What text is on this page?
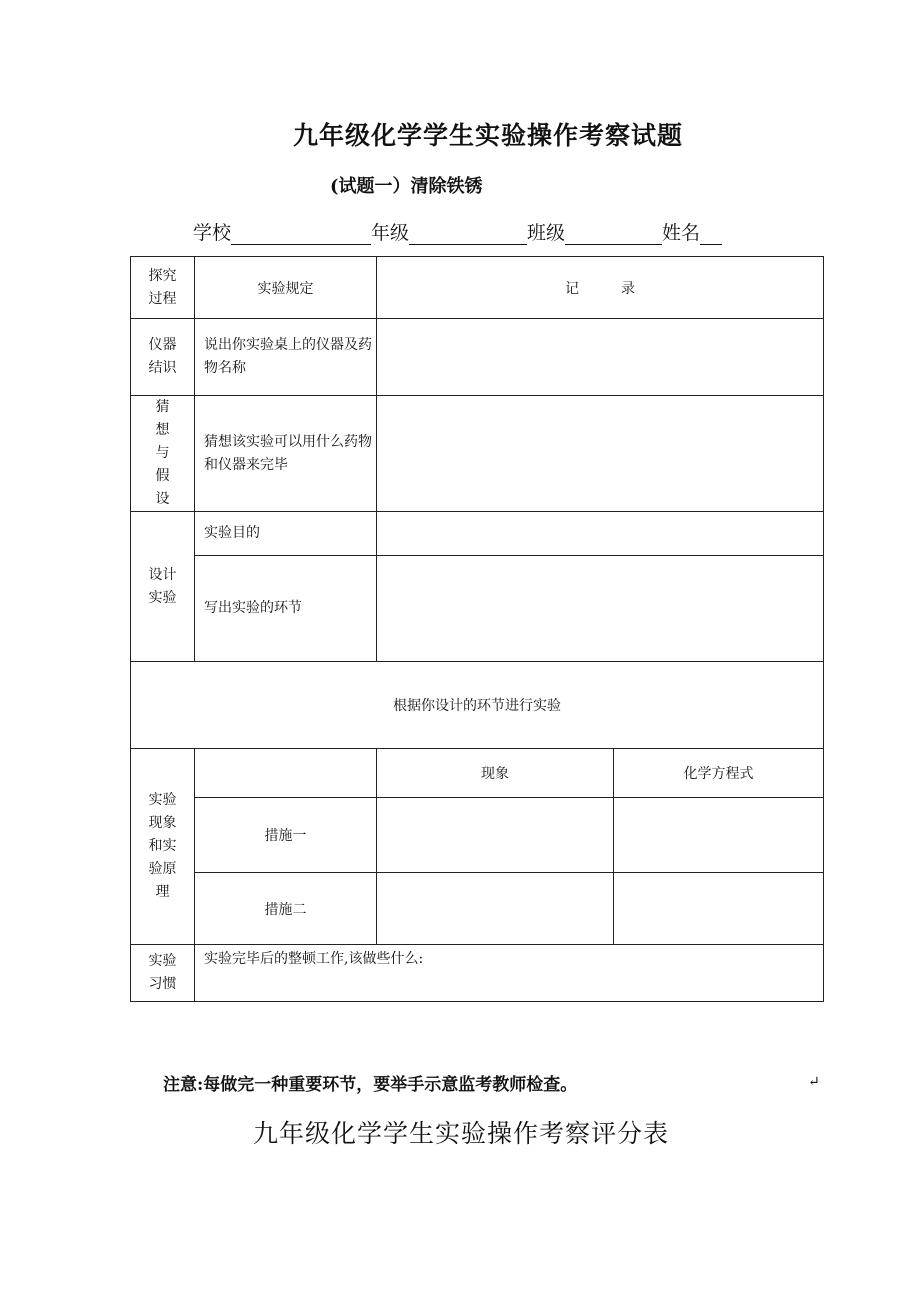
九年级化学学生实验操作考察试题
(试题一）清除铁锈
学校	年级	班级	姓名
探究过程	实验规定	记　　　录	
仪器结识	说出你实验桌上的仪器及药物名称		
猜想与假设	猜想该实验可以用什么药物和仪器来完毕		
设计实验	实验目的		
	写出实验的环节		
根据你设计的环节进行实验			
实验现象和实验原理		现象	化学方程式
	措施一		
	措施二		
实验习惯	实验完毕后的整顿工作,该做些什么:		
注意:每做完一种重要环节，要举手示意监考教师检查。	↵
九年级化学学生实验操作考察评分表
